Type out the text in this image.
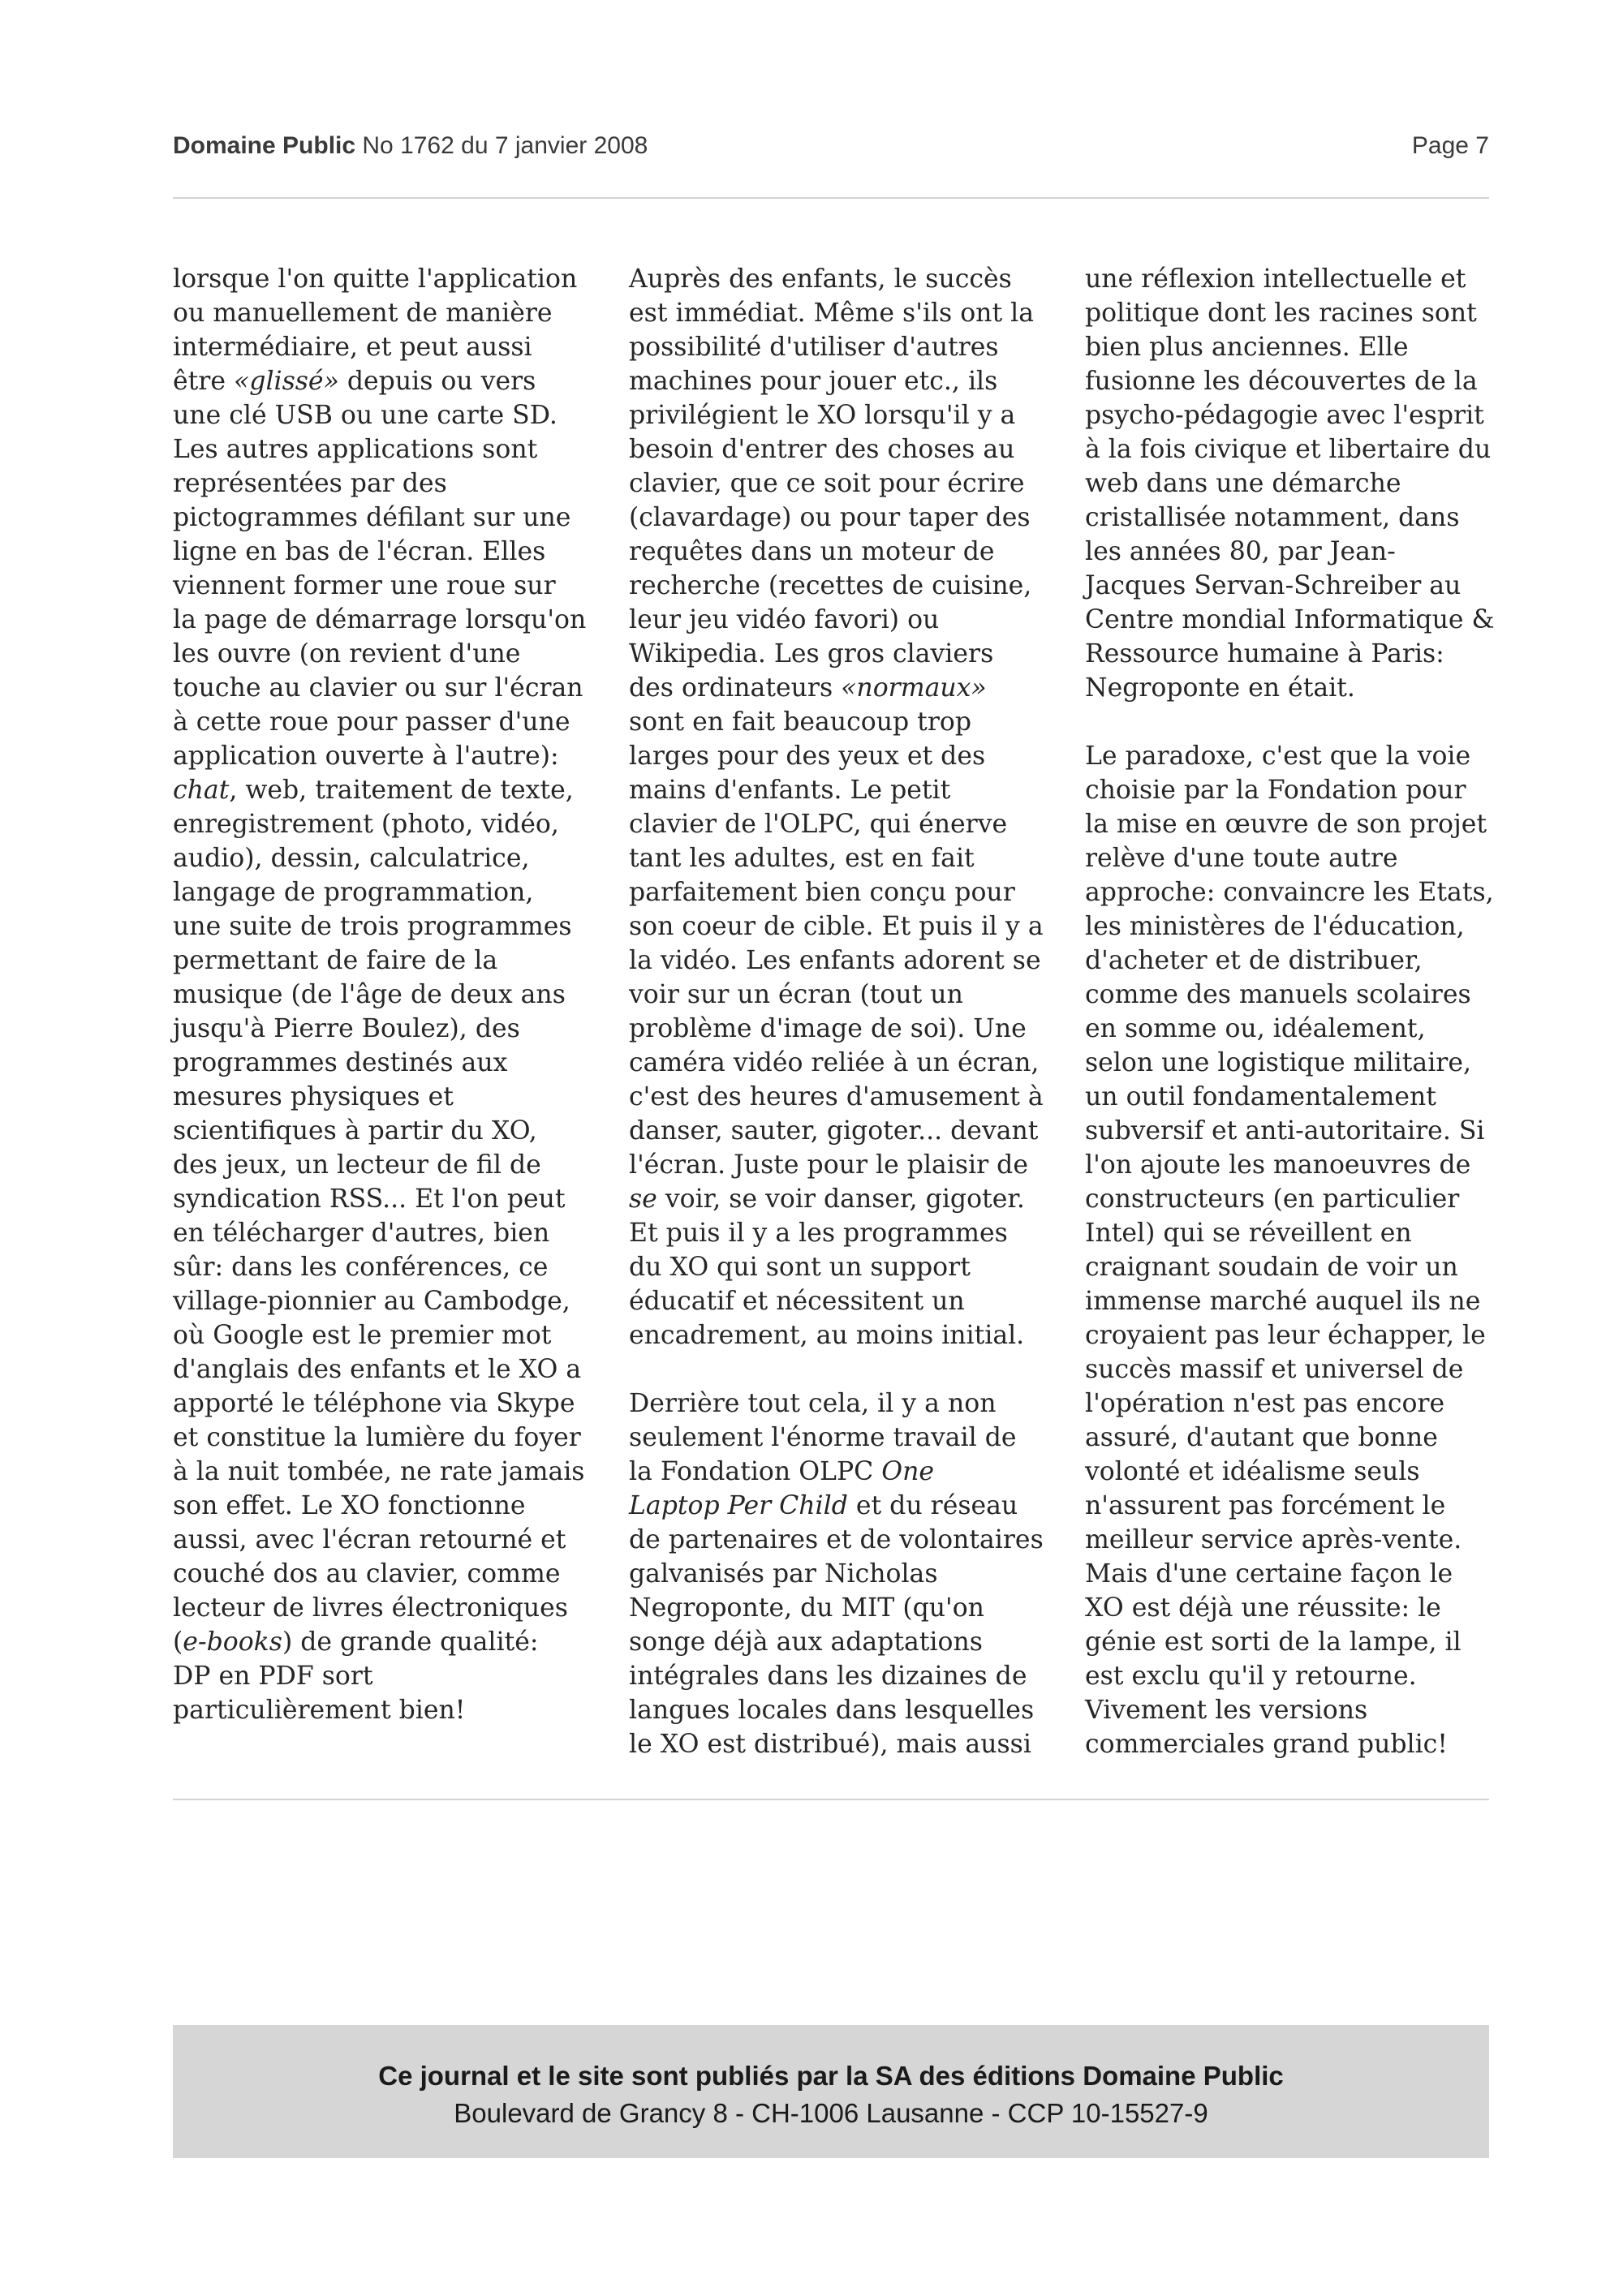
Domaine Public No 1762 du 7 janvier 2008	Page 7
lorsque l'on quitte l'application
ou manuellement de manière
intermédiaire, et peut aussi
être «glissé» depuis ou vers
une clé USB ou une carte SD.
Les autres applications sont
représentées par des
pictogrammes défilant sur une
ligne en bas de l'écran. Elles
viennent former une roue sur
la page de démarrage lorsqu'on
les ouvre (on revient d'une
touche au clavier ou sur l'écran
à cette roue pour passer d'une
application ouverte à l'autre):
chat, web, traitement de texte,
enregistrement (photo, vidéo,
audio), dessin, calculatrice,
langage de programmation,
une suite de trois programmes
permettant de faire de la
musique (de l'âge de deux ans
jusqu'à Pierre Boulez), des
programmes destinés aux
mesures physiques et
scientifiques à partir du XO,
des jeux, un lecteur de fil de
syndication RSS... Et l'on peut
en télécharger d'autres, bien
sûr: dans les conférences, ce
village-pionnier au Cambodge,
où Google est le premier mot
d'anglais des enfants et le XO a
apporté le téléphone via Skype
et constitue la lumière du foyer
à la nuit tombée, ne rate jamais
son effet. Le XO fonctionne
aussi, avec l'écran retourné et
couché dos au clavier, comme
lecteur de livres électroniques
(e-books) de grande qualité:
DP en PDF sort
particulièrement bien!
Auprès des enfants, le succès
est immédiat. Même s'ils ont la
possibilité d'utiliser d'autres
machines pour jouer etc., ils
privilégient le XO lorsqu'il y a
besoin d'entrer des choses au
clavier, que ce soit pour écrire
(clavardage) ou pour taper des
requêtes dans un moteur de
recherche (recettes de cuisine,
leur jeu vidéo favori) ou
Wikipedia. Les gros claviers
des ordinateurs «normaux»
sont en fait beaucoup trop
larges pour des yeux et des
mains d'enfants. Le petit
clavier de l'OLPC, qui énerve
tant les adultes, est en fait
parfaitement bien conçu pour
son coeur de cible. Et puis il y a
la vidéo. Les enfants adorent se
voir sur un écran (tout un
problème d'image de soi). Une
caméra vidéo reliée à un écran,
c'est des heures d'amusement à
danser, sauter, gigoter... devant
l'écran. Juste pour le plaisir de
se voir, se voir danser, gigoter.
Et puis il y a les programmes
du XO qui sont un support
éducatif et nécessitent un
encadrement, au moins initial.
Derrière tout cela, il y a non
seulement l'énorme travail de
la Fondation OLPC One
Laptop Per Child et du réseau
de partenaires et de volontaires
galvanisés par Nicholas
Negroponte, du MIT (qu'on
songe déjà aux adaptations
intégrales dans les dizaines de
langues locales dans lesquelles
le XO est distribué), mais aussi
une réflexion intellectuelle et
politique dont les racines sont
bien plus anciennes. Elle
fusionne les découvertes de la
psycho-pédagogie avec l'esprit
à la fois civique et libertaire du
web dans une démarche
cristallisée notamment, dans
les années 80, par Jean-
Jacques Servan-Schreiber au
Centre mondial Informatique &
Ressource humaine à Paris:
Negroponte en était.
Le paradoxe, c'est que la voie
choisie par la Fondation pour
la mise en œuvre de son projet
relève d'une toute autre
approche: convaincre les Etats,
les ministères de l'éducation,
d'acheter et de distribuer,
comme des manuels scolaires
en somme ou, idéalement,
selon une logistique militaire,
un outil fondamentalement
subversif et anti-autoritaire. Si
l'on ajoute les manoeuvres de
constructeurs (en particulier
Intel) qui se réveillent en
craignant soudain de voir un
immense marché auquel ils ne
croyaient pas leur échapper, le
succès massif et universel de
l'opération n'est pas encore
assuré, d'autant que bonne
volonté et idéalisme seuls
n'assurent pas forcément le
meilleur service après-vente.
Mais d'une certaine façon le
XO est déjà une réussite: le
génie est sorti de la lampe, il
est exclu qu'il y retourne.
Vivement les versions
commerciales grand public!
Ce journal et le site sont publiés par la SA des éditions Domaine Public
Boulevard de Grancy 8 - CH-1006 Lausanne - CCP 10-15527-9
